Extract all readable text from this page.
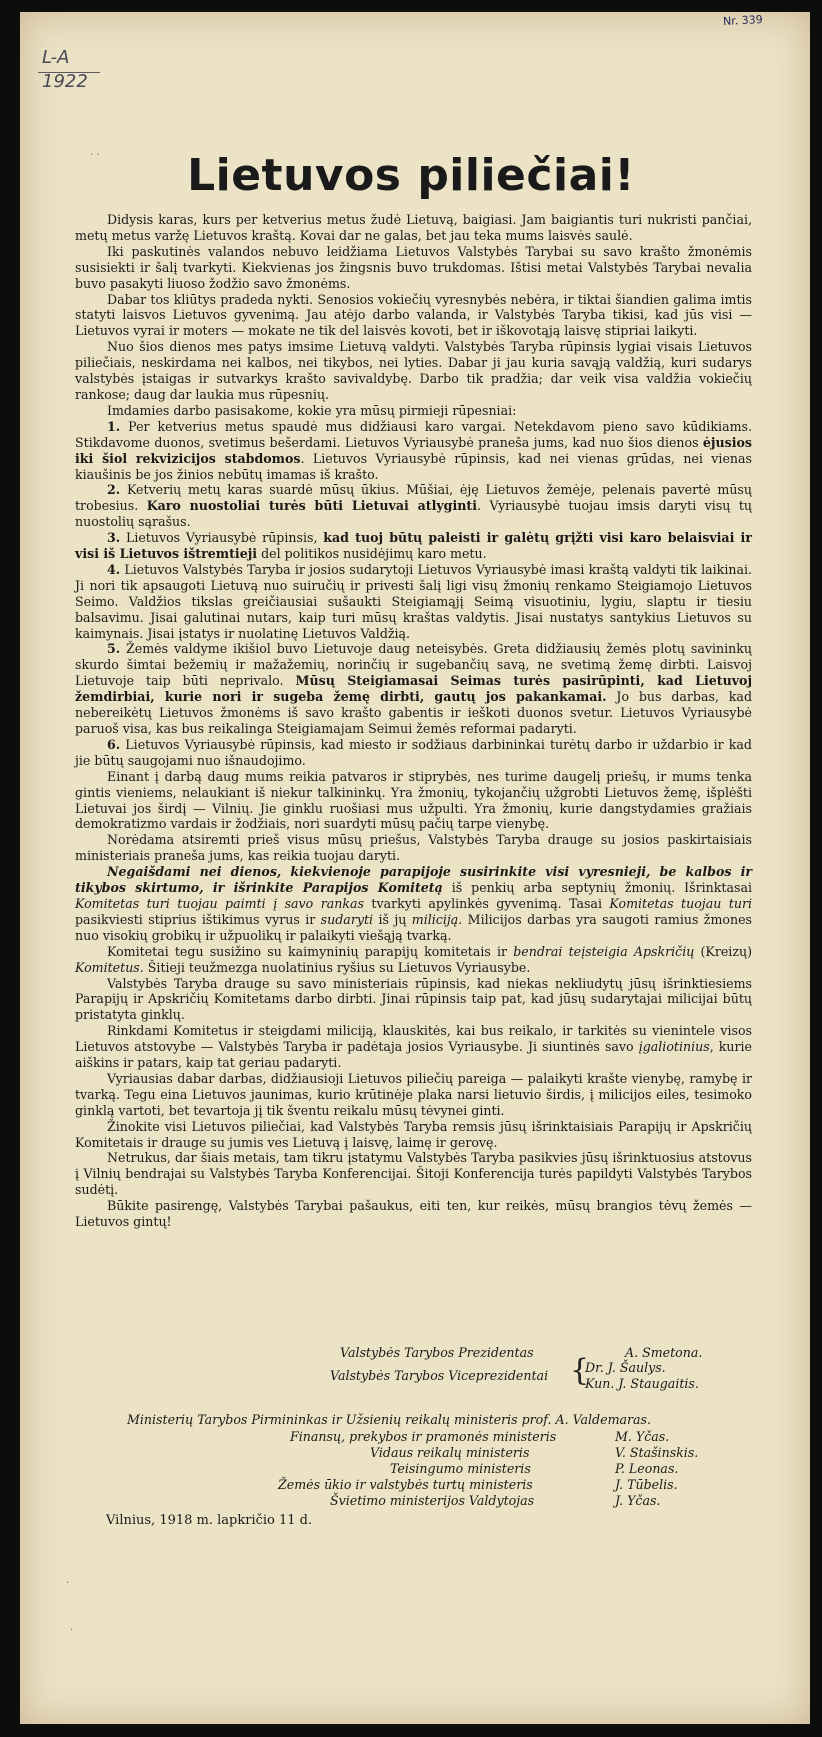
Nr. 339
L-A
1922
· ·
·
·
Lietuvos piliečiai!

Didysis karas, kurs per ketverius metus žudė Lietuvą, baigiasi. Jam baigiantis turi nukristi pančiai, metų metus varžę Lietuvos kraštą. Kovai dar ne galas, bet jau teka mums laisvės saulė.

Iki paskutinės valandos nebuvo leidžiama Lietuvos Valstybės Tarybai su savo krašto žmonėmis susisiekti ir šalį tvarkyti. Kiekvienas jos žingsnis buvo trukdomas. Ištisi metai Valstybės Tarybai nevalia buvo pasakyti liuoso žodžio savo žmonėms.

Dabar tos kliūtys pradeda nykti. Senosios vokiečių vyresnybės nebėra, ir tiktai šiandien galima imtis statyti laisvos Lietuvos gyvenimą. Jau atėjo darbo valanda, ir Valstybės Taryba tikisi, kad jūs visi — Lietuvos vyrai ir moters — mokate ne tik del laisvės kovoti, bet ir iškovotąją laisvę stipriai laikyti.

Nuo šios dienos mes patys imsime Lietuvą valdyti. Valstybės Taryba rūpinsis lygiai visais Lietuvos piliečiais, neskirdama nei kalbos, nei tikybos, nei lyties. Dabar ji jau kuria savąją valdžią, kuri sudarys valstybės įstaigas ir sutvarkys krašto savivaldybę. Darbo tik pradžia; dar veik visa valdžia vokiečių rankose; daug dar laukia mus rūpesnių.

Imdamies darbo pasisakome, kokie yra mūsų pirmieji rūpesniai:

1. Per ketverius metus spaudė mus didžiausi karo vargai. Netekdavom pieno savo kūdikiams. Stikdavome duonos, svetimus bešerdami. Lietuvos Vyriausybė praneša jums, kad nuo šios dienos ėjusios iki šiol rekvizicijos stabdomos. Lietuvos Vyriausybė rūpinsis, kad nei vienas grūdas, nei vienas kiaušinis be jos žinios nebūtų imamas iš krašto.

2. Ketverių metų karas suardė mūsų ūkius. Mūšiai, ėję Lietuvos žemėje, pelenais pavertė mūsų trobesius. Karo nuostoliai turės būti Lietuvai atlyginti. Vyriausybė tuojau imsis daryti visų tų nuostolių sąrašus.

3. Lietuvos Vyriausybė rūpinsis, kad tuoj būtų paleisti ir galėtų grįžti visi karo belaisviai ir visi iš Lietuvos ištremtieji del politikos nusidėjimų karo metu.

4. Lietuvos Valstybės Taryba ir josios sudarytoji Lietuvos Vyriausybė imasi kraštą valdyti tik laikinai. Ji nori tik apsaugoti Lietuvą nuo suiručių ir privesti šalį ligi visų žmonių renkamo Steigiamojo Lietuvos Seimo. Valdžios tikslas greičiausiai sušaukti Steigiamąjį Seimą visuotiniu, lygiu, slaptu ir tiesiu balsavimu. Jisai galutinai nutars, kaip turi mūsų kraštas valdytis. Jisai nustatys santykius Lietuvos su kaimynais. Jisai įstatys ir nuolatinę Lietuvos Valdžią.

5. Žemės valdyme ikišiol buvo Lietuvoje daug neteisybės. Greta didžiausių žemės plotų savininkų skurdo šimtai bežemių ir mažažemių, norinčių ir sugebančių savą, ne svetimą žemę dirbti. Laisvoj Lietuvoje taip būti neprivalo. Mūsų Steigiamasai Seimas turės pasirūpinti, kad Lietuvoj žemdirbiai, kurie nori ir sugeba žemę dirbti, gautų jos pakankamai. Jo bus darbas, kad nebereikėtų Lietuvos žmonėms iš savo krašto gabentis ir ieškoti duonos svetur. Lietuvos Vyriausybė paruoš visa, kas bus reikalinga Steigiamajam Seimui žemės reformai padaryti.

6. Lietuvos Vyriausybė rūpinsis, kad miesto ir sodžiaus darbininkai turėtų darbo ir uždarbio ir kad jie būtų saugojami nuo išnaudojimo.

Einant į darbą daug mums reikia patvaros ir stiprybės, nes turime daugelį priešų, ir mums tenka gintis vieniems, nelaukiant iš niekur talkininkų. Yra žmonių, tykojančių užgrobti Lietuvos žemę, išplėšti Lietuvai jos širdį — Vilnių. Jie ginklu ruošiasi mus užpulti. Yra žmonių, kurie dangstydamies gražiais demokratizmo vardais ir žodžiais, nori suardyti mūsų pačių tarpe vienybę.

Norėdama atsiremti prieš visus mūsų priešus, Valstybės Taryba drauge su josios paskirtaisiais ministeriais praneša jums, kas reikia tuojau daryti.

Negaišdami nei dienos, kiekvienoje parapijoje susirinkite visi vyresnieji, be kalbos ir tikybos skirtumo, ir išrinkite Parapijos Komitetą iš penkių arba septynių žmonių. Išrinktasai Komitetas turi tuojau paimti į savo rankas tvarkyti apylinkės gyvenimą. Tasai Komitetas tuojau turi pasikviesti stiprius ištikimus vyrus ir sudaryti iš jų miliciją. Milicijos darbas yra saugoti ramius žmones nuo visokių grobikų ir užpuolikų ir palaikyti viešąją tvarką.

Komitetai tegu susižino su kaimyninių parapijų komitetais ir bendrai teįsteigia Apskričių (Kreizų) Komitetus. Šitieji teužmezga nuolatinius ryšius su Lietuvos Vyriausybe.

Valstybės Taryba drauge su savo ministeriais rūpinsis, kad niekas nekliudytų jūsų išrinktiesiems Parapijų ir Apskričių Komitetams darbo dirbti. Jinai rūpinsis taip pat, kad jūsų sudarytajai milicijai būtų pristatyta ginklų.

Rinkdami Komitetus ir steigdami miliciją, klauskitės, kai bus reikalo, ir tarkitės su vienintele visos Lietuvos atstovybe — Valstybės Taryba ir padėtaja josios Vyriausybe. Ji siuntinės savo įgaliotinius, kurie aiškins ir patars, kaip tat geriau padaryti.

Vyriausias dabar darbas, didžiausioji Lietuvos piliečių pareiga — palaikyti krašte vienybę, ramybę ir tvarką. Tegu eina Lietuvos jaunimas, kurio krūtinėje plaka narsi lietuvio širdis, į milicijos eiles, tesimoko ginklą vartoti, bet tevartoja jį tik šventu reikalu mūsų tėvynei ginti.

Žinokite visi Lietuvos piliečiai, kad Valstybės Taryba remsis jūsų išrinktaisiais Parapijų ir Apskričių Komitetais ir drauge su jumis ves Lietuvą į laisvę, laimę ir gerovę.

Netrukus, dar šiais metais, tam tikru įstatymu Valstybės Taryba pasikvies jūsų išrinktuosius atstovus į Vilnių bendrajai su Valstybės Taryba Konferencijai. Šitoji Konferencija turės papildyti Valstybės Tarybos sudėtį.

Būkite pasirengę, Valstybės Tarybai pašaukus, eiti ten, kur reikės, mūsų brangios tėvų žemės — Lietuvos gintų!

Valstybės Tarybos Prezidentas	A. Smetona.
Valstybės Tarybos Viceprezidentai
Dr. J. Šaulys.
Kun. J. Staugaitis.
Ministerių Tarybos Pirmininkas ir Užsienių reikalų ministeris prof. A. Valdemaras.
Finansų, prekybos ir pramonės ministeris	M. Yčas.
Vidaus reikalų ministeris	V. Stašinskis.
Teisingumo ministeris	P. Leonas.
Žemės ūkio ir valstybės turtų ministeris	J. Tūbelis.
Švietimo ministerijos Valdytojas	J. Yčas.
{
Vilnius, 1918 m. lapkričio 11 d.
